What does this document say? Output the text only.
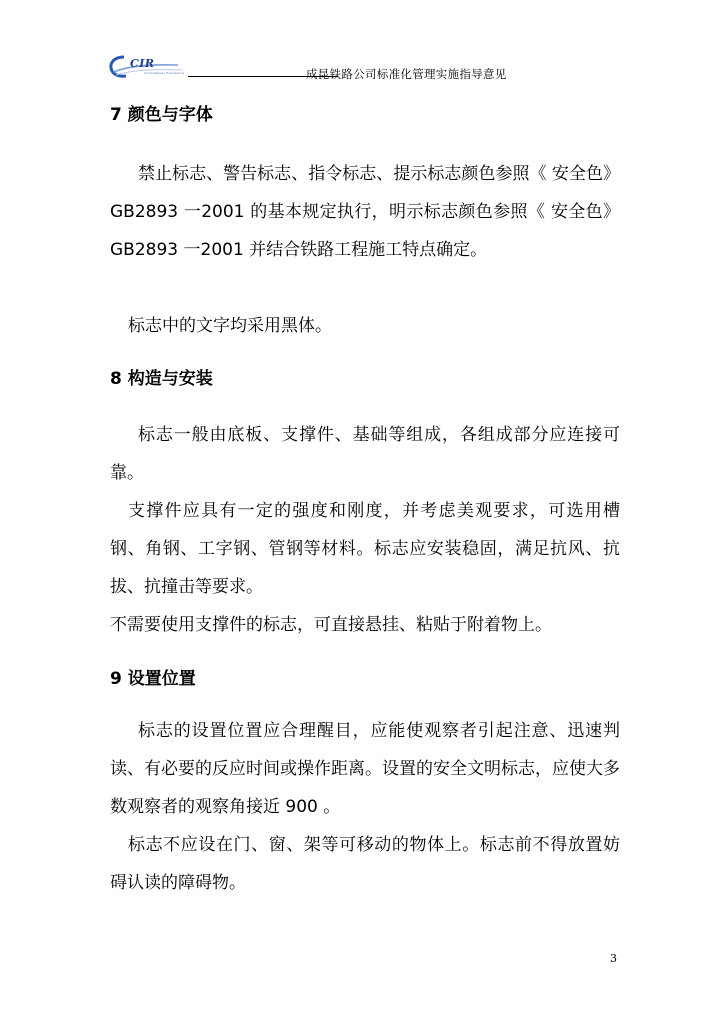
CIR
China Railway Engineering	成昆铁路公司标准化管理实施指导意见
7 颜色与字体

禁止标志、警告标志、指令标志、提示标志颜色参照《 安全色》 GB2893 一2001 的基本规定执行，明示标志颜色参照《 安全色》 GB2893 一2001 并结合铁路工程施工特点确定。

标志中的文字均采用黑体。

8 构造与安装

标志一般由底板、支撑件、基础等组成，各组成部分应连接可靠。

支撑件应具有一定的强度和刚度，并考虑美观要求，可选用槽钢、角钢、工字钢、管钢等材料。标志应安装稳固，满足抗风、抗拔、抗撞击等要求。

不需要使用支撑件的标志，可直接悬挂、粘贴于附着物上。

9 设置位置

标志的设置位置应合理醒目，应能使观察者引起注意、迅速判读、有必要的反应时间或操作距离。设置的安全文明标志，应使大多数观察者的观察角接近 900 。

标志不应设在门、窗、架等可移动的物体上。标志前不得放置妨碍认读的障碍物。

3
